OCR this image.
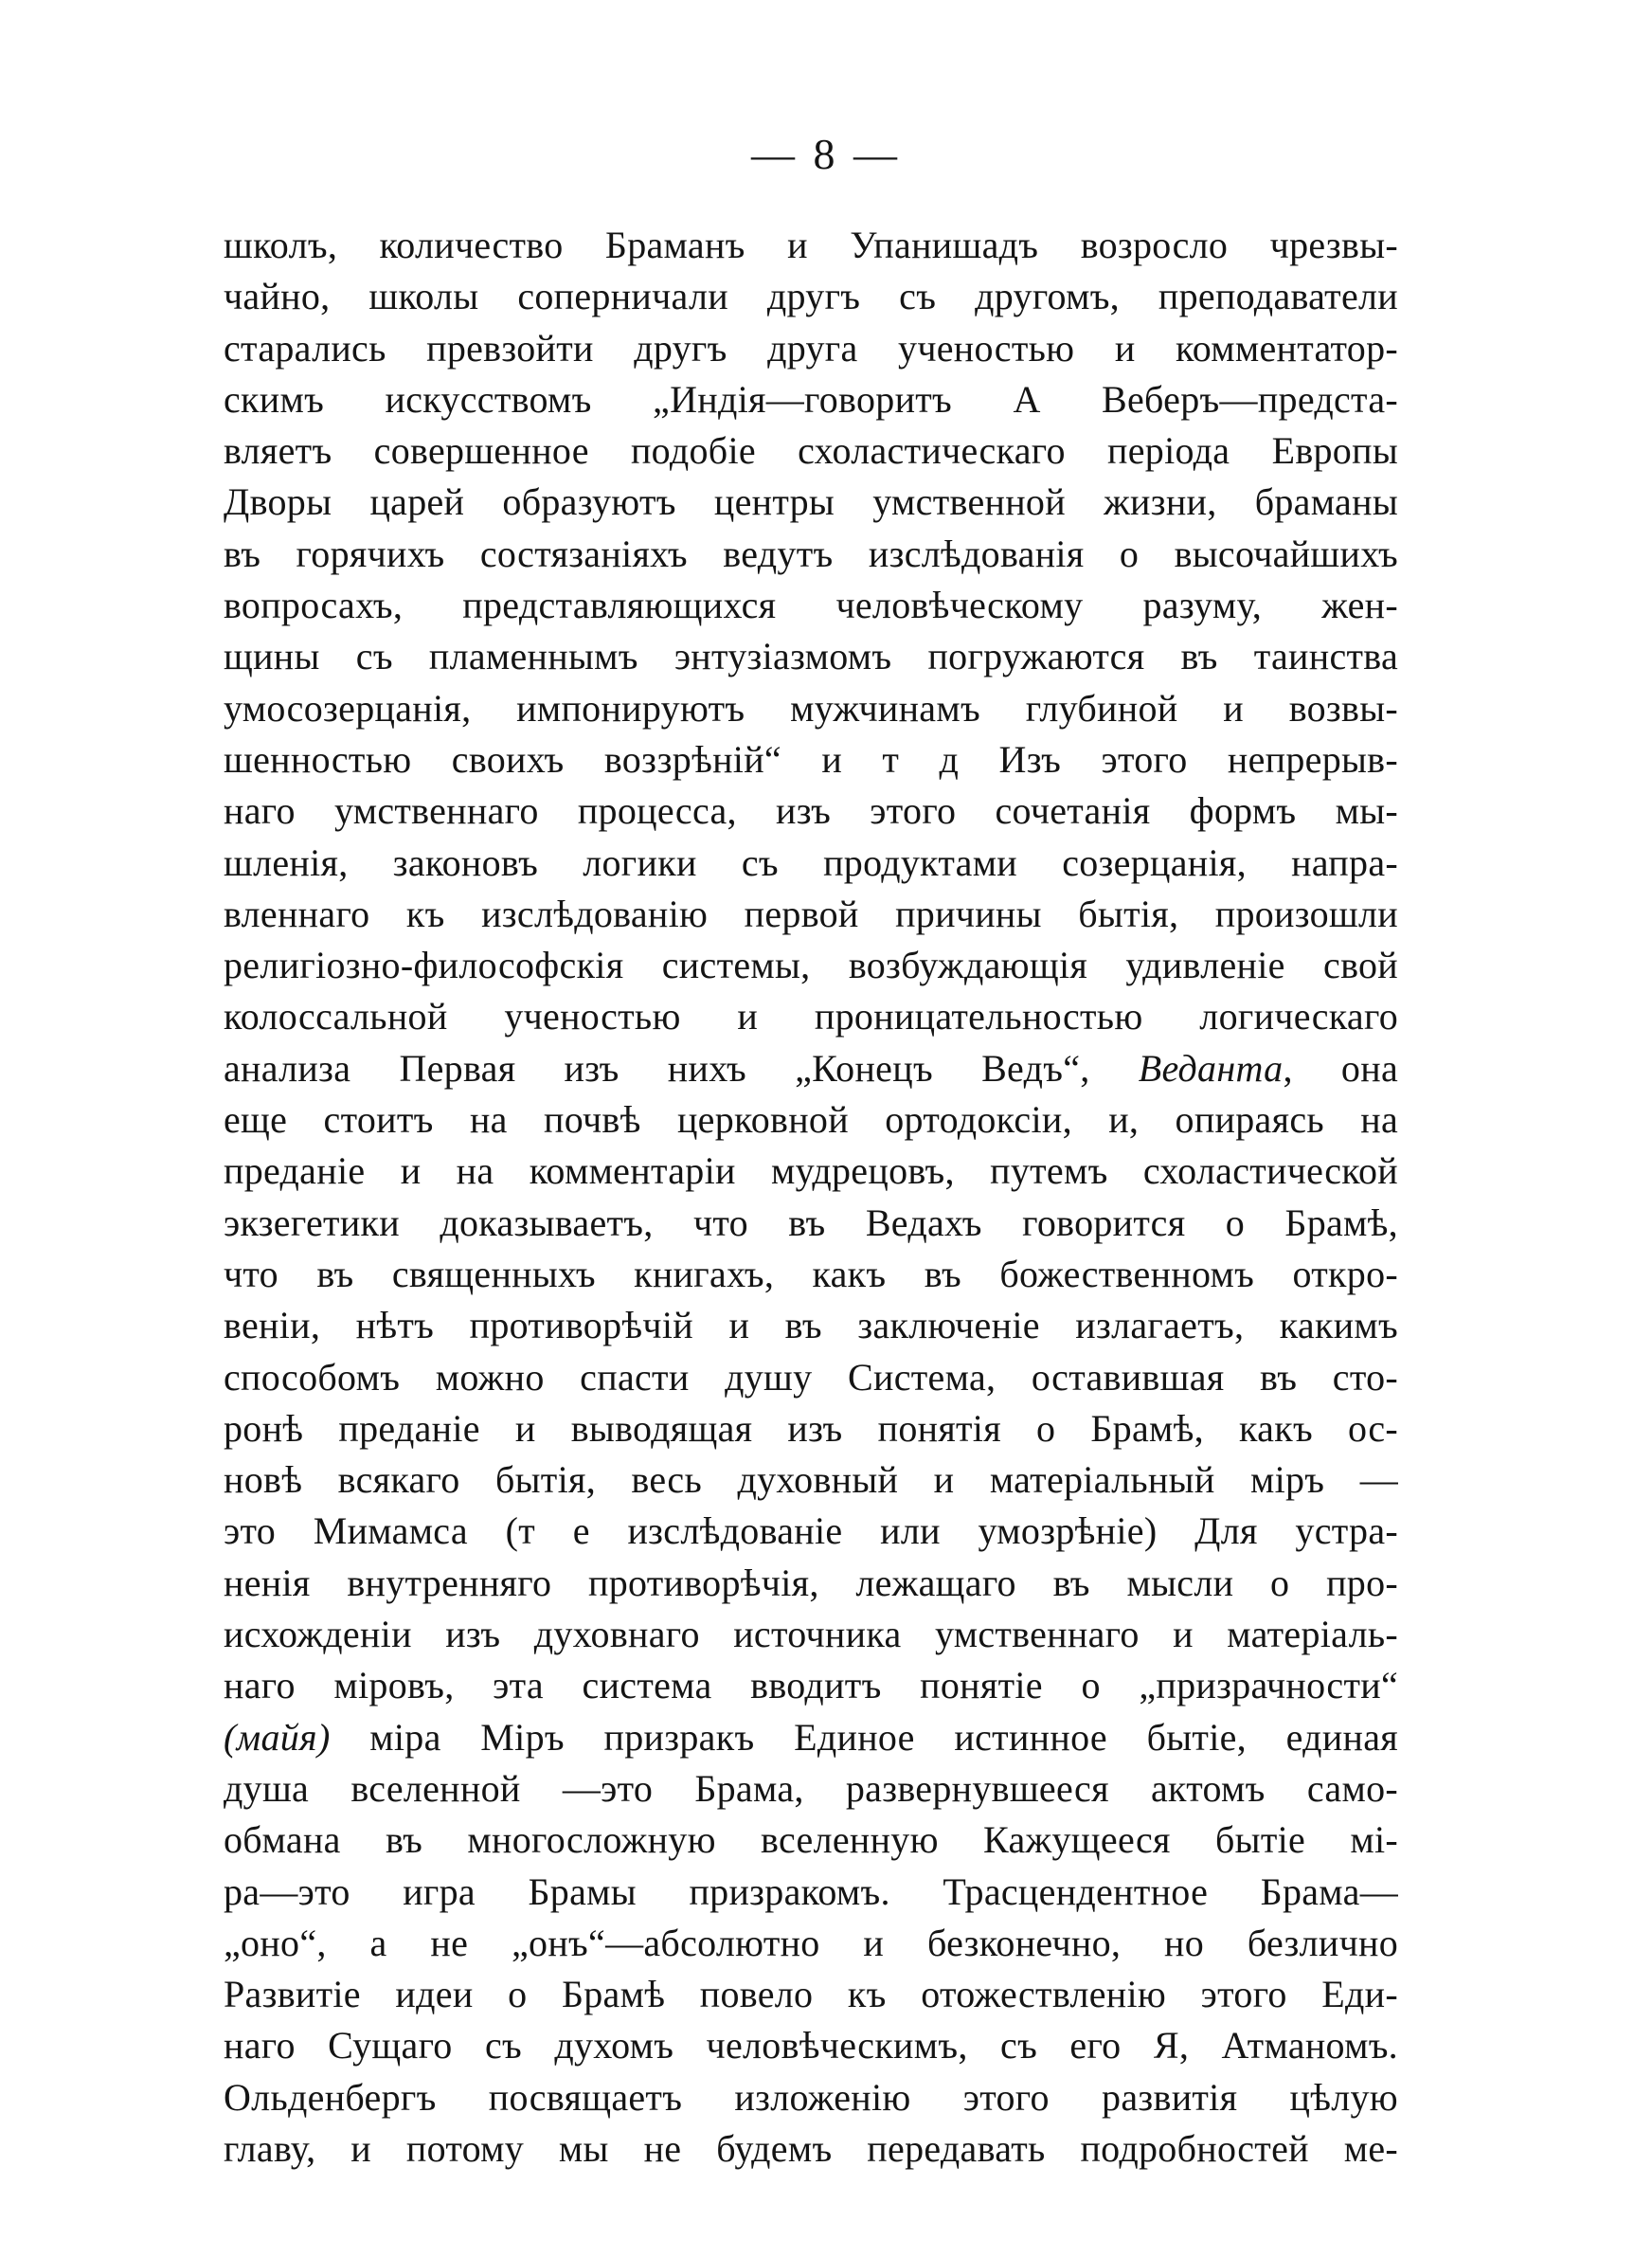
— 8 —
школъ, количество Браманъ и Упанишадъ возросло чрезвы-
чайно, школы соперничали другъ съ другомъ, преподаватели
старались превзойти другъ друга ученостью и комментатор-
скимъ искусствомъ „Индія—говоритъ А Веберъ—предста-
вляетъ совершенное подобіе схоластическаго періода Европы
Дворы царей образуютъ центры умственной жизни, браманы
въ горячихъ состязаніяхъ ведутъ изслѣдованія о высочайшихъ
вопросахъ, представляющихся человѣческому разуму, жен-
щины съ пламеннымъ энтузіазмомъ погружаются въ таинства
умосозерцанія, импонируютъ мужчинамъ глубиной и возвы-
шенностью своихъ воззрѣній“ и т д Изъ этого непрерыв-
наго умственнаго процесса, изъ этого сочетанія формъ мы-
шленія, законовъ логики съ продуктами созерцанія, напра-
вленнаго къ изслѣдованію первой причины бытія, произошли
религіозно-философскія системы, возбуждающія удивленіе свой
колоссальной ученостью и проницательностью логическаго
анализа Первая изъ нихъ „Конецъ Ведъ“, Веданта, она
еще стоитъ на почвѣ церковной ортодоксіи, и, опираясь на
преданіе и на комментаріи мудрецовъ, путемъ схоластической
экзегетики доказываетъ, что въ Ведахъ говорится о Брамѣ,
что въ священныхъ книгахъ, какъ въ божественномъ откро-
веніи, нѣтъ противорѣчій и въ заключеніе излагаетъ, какимъ
способомъ можно спасти душу Система, оставившая въ сто-
ронѣ преданіе и выводящая изъ понятія о Брамѣ, какъ ос-
новѣ всякаго бытія, весь духовный и матеріальный міръ —
это Мимамса (т е изслѣдованіе или умозрѣніе) Для устра-
ненія внутренняго противорѣчія, лежащаго въ мысли о про-
исхожденіи изъ духовнаго источника умственнаго и матеріаль-
наго міровъ, эта система вводитъ понятіе о „призрачности“
(майя) міра Міръ призракъ Единое истинное бытіе, единая
душа вселенной —это Брама, развернувшееся актомъ само-
обмана въ многосложную вселенную Кажущееся бытіе мі-
ра—это игра Брамы призракомъ. Трасцендентное Брама—
„оно“, а не „онъ“—абсолютно и безконечно, но безлично
Развитіе идеи о Брамѣ повело къ отожествленію этого Еди-
наго Сущаго съ духомъ человѣческимъ, съ его Я, Атманомъ.
Ольденбергъ посвящаетъ изложенію этого развитія цѣлую
главу, и потому мы не будемъ передавать подробностей ме-
